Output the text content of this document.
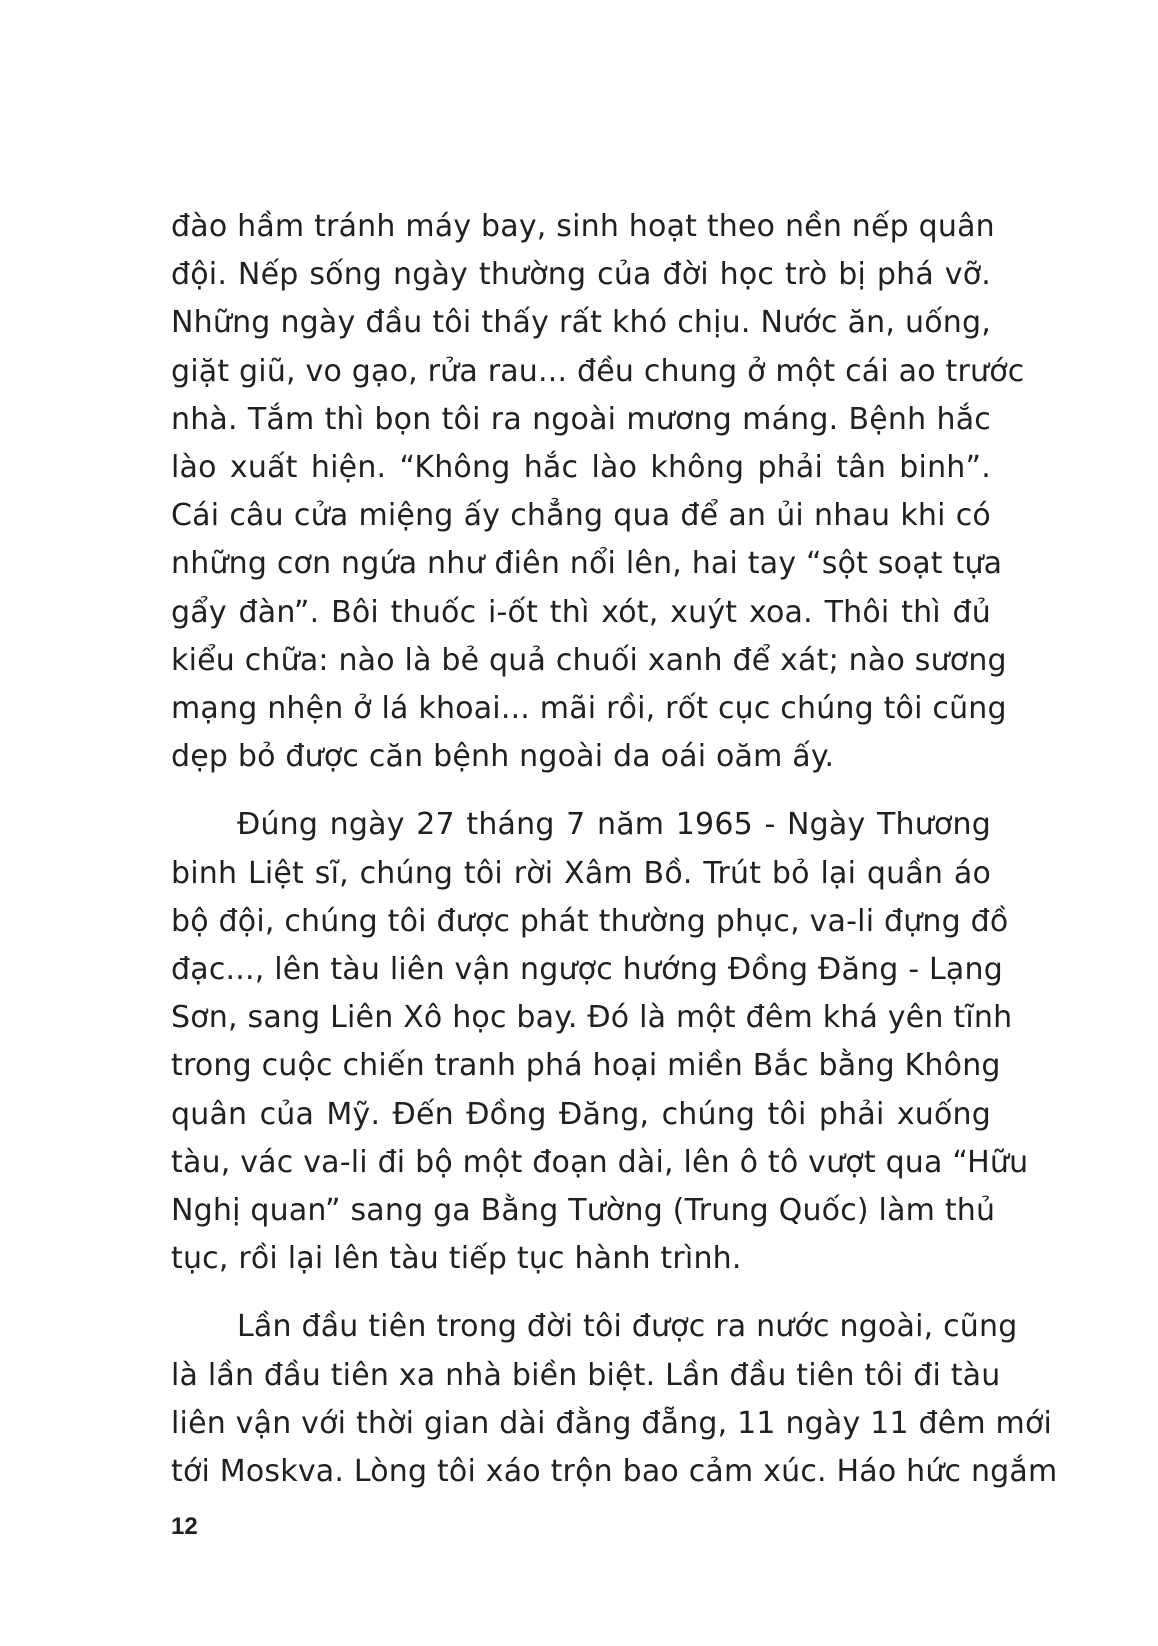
đào hầm tránh máy bay, sinh hoạt theo nền nếp quân
đội. Nếp sống ngày thường của đời học trò bị phá vỡ.
Những ngày đầu tôi thấy rất khó chịu. Nước ăn, uống,
giặt giũ, vo gạo, rửa rau... đều chung ở một cái ao trước
nhà. Tắm thì bọn tôi ra ngoài mương máng. Bệnh hắc
lào xuất hiện. “Không hắc lào không phải tân binh”.
Cái câu cửa miệng ấy chẳng qua để an ủi nhau khi có
những cơn ngứa như điên nổi lên, hai tay “sột soạt tựa
gẩy đàn”. Bôi thuốc i-ốt thì xót, xuýt xoa. Thôi thì đủ
kiểu chữa: nào là bẻ quả chuối xanh để xát; nào sương
mạng nhện ở lá khoai... mãi rồi, rốt cục chúng tôi cũng
dẹp bỏ được căn bệnh ngoài da oái oăm ấy.
Đúng ngày 27 tháng 7 năm 1965 - Ngày Thương
binh Liệt sĩ, chúng tôi rời Xâm Bồ. Trút bỏ lại quần áo
bộ đội, chúng tôi được phát thường phục, va-li đựng đồ
đạc..., lên tàu liên vận ngược hướng Đồng Đăng - Lạng
Sơn, sang Liên Xô học bay. Đó là một đêm khá yên tĩnh
trong cuộc chiến tranh phá hoại miền Bắc bằng Không
quân của Mỹ. Đến Đồng Đăng, chúng tôi phải xuống
tàu, vác va-li đi bộ một đoạn dài, lên ô tô vượt qua “Hữu
Nghị quan” sang ga Bằng Tường (Trung Quốc) làm thủ
tục, rồi lại lên tàu tiếp tục hành trình.
Lần đầu tiên trong đời tôi được ra nước ngoài, cũng
là lần đầu tiên xa nhà biền biệt. Lần đầu tiên tôi đi tàu
liên vận với thời gian dài đằng đẵng, 11 ngày 11 đêm mới
tới Moskva. Lòng tôi xáo trộn bao cảm xúc. Háo hức ngắm
12
